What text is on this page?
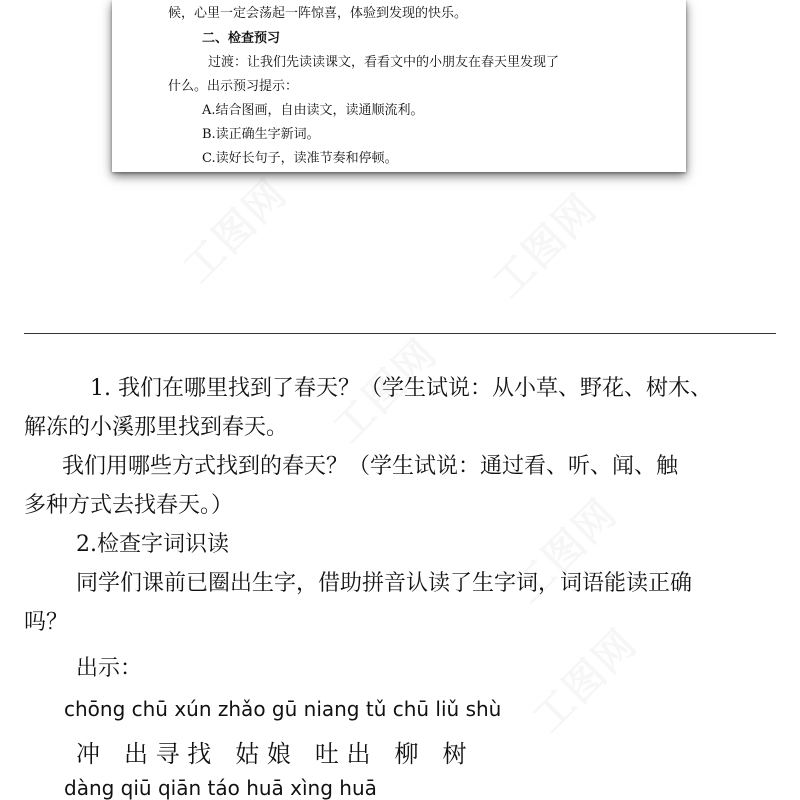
候，心里一定会荡起一阵惊喜，体验到发现的快乐。
二、检查预习
过渡：让我们先读读课文，看看文中的小朋友在春天里发现了
什么。出示预习提示：
A.结合图画，自由读文，读通顺流利。
B.读正确生字新词。
C.读好长句子，读准节奏和停顿。
1. 我们在哪里找到了春天？（学生试说：从小草、野花、树木、
解冻的小溪那里找到春天。
我们用哪些方式找到的春天？（学生试说：通过看、听、闻、触
多种方式去找春天。）
2.检查字词识读
同学们课前已圈出生字，借助拼音认读了生字词，词语能读正确
吗？
出示：
chōng chū xún zhǎo gū niang tǔ chū liǔ shù
冲　出 寻 找　姑 娘　吐 出　柳　树
dàng qiū qiān táo huā xìng huā
